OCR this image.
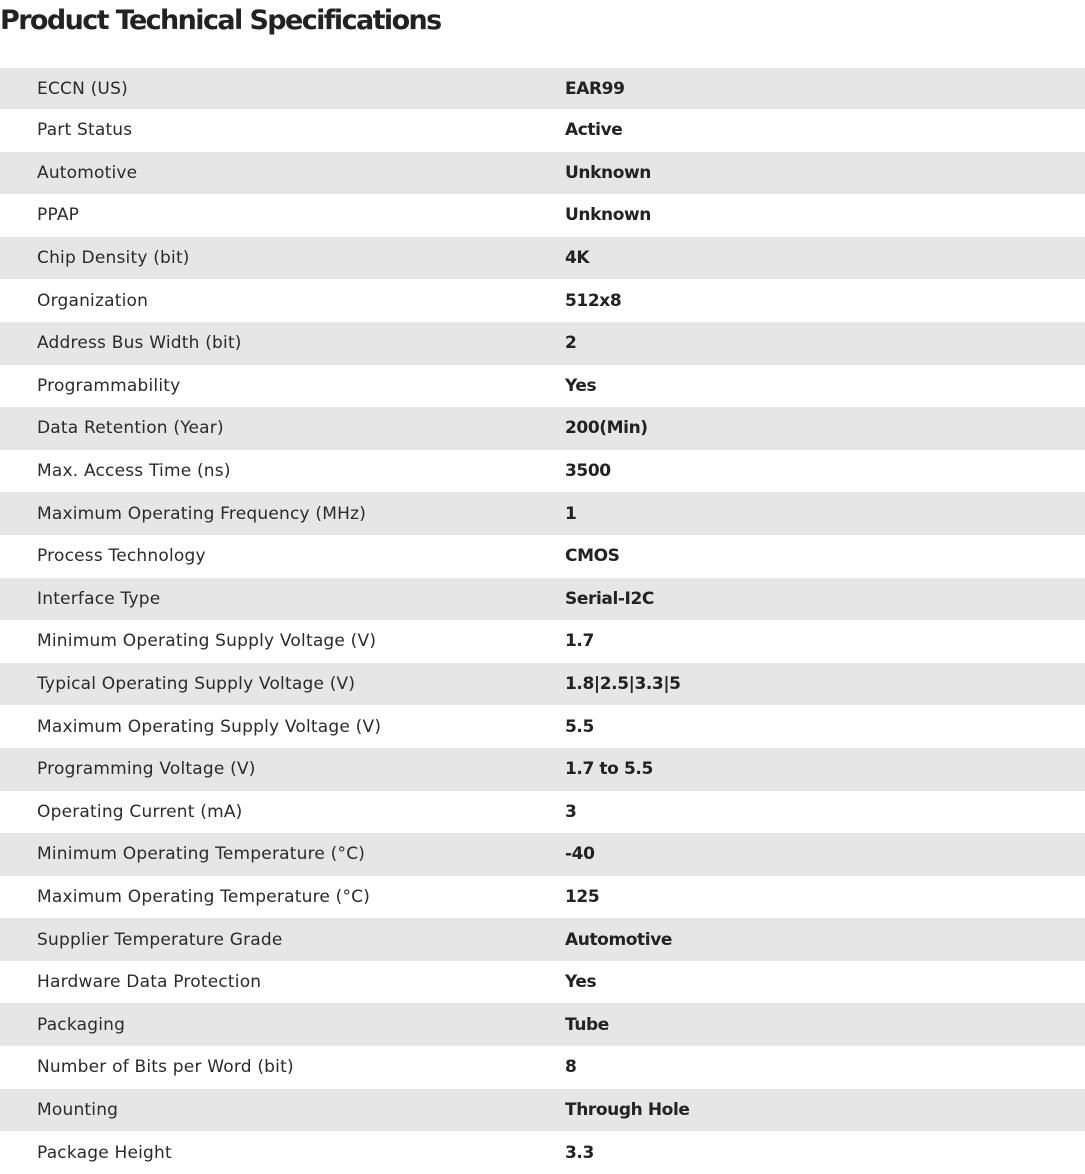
Product Technical Specifications
ECCN (US)	EAR99
Part Status	Active
Automotive	Unknown
PPAP	Unknown
Chip Density (bit)	4K
Organization	512x8
Address Bus Width (bit)	2
Programmability	Yes
Data Retention (Year)	200(Min)
Max. Access Time (ns)	3500
Maximum Operating Frequency (MHz)	1
Process Technology	CMOS
Interface Type	Serial-I2C
Minimum Operating Supply Voltage (V)	1.7
Typical Operating Supply Voltage (V)	1.8|2.5|3.3|5
Maximum Operating Supply Voltage (V)	5.5
Programming Voltage (V)	1.7 to 5.5
Operating Current (mA)	3
Minimum Operating Temperature (°C)	-40
Maximum Operating Temperature (°C)	125
Supplier Temperature Grade	Automotive
Hardware Data Protection	Yes
Packaging	Tube
Number of Bits per Word (bit)	8
Mounting	Through Hole
Package Height	3.3
